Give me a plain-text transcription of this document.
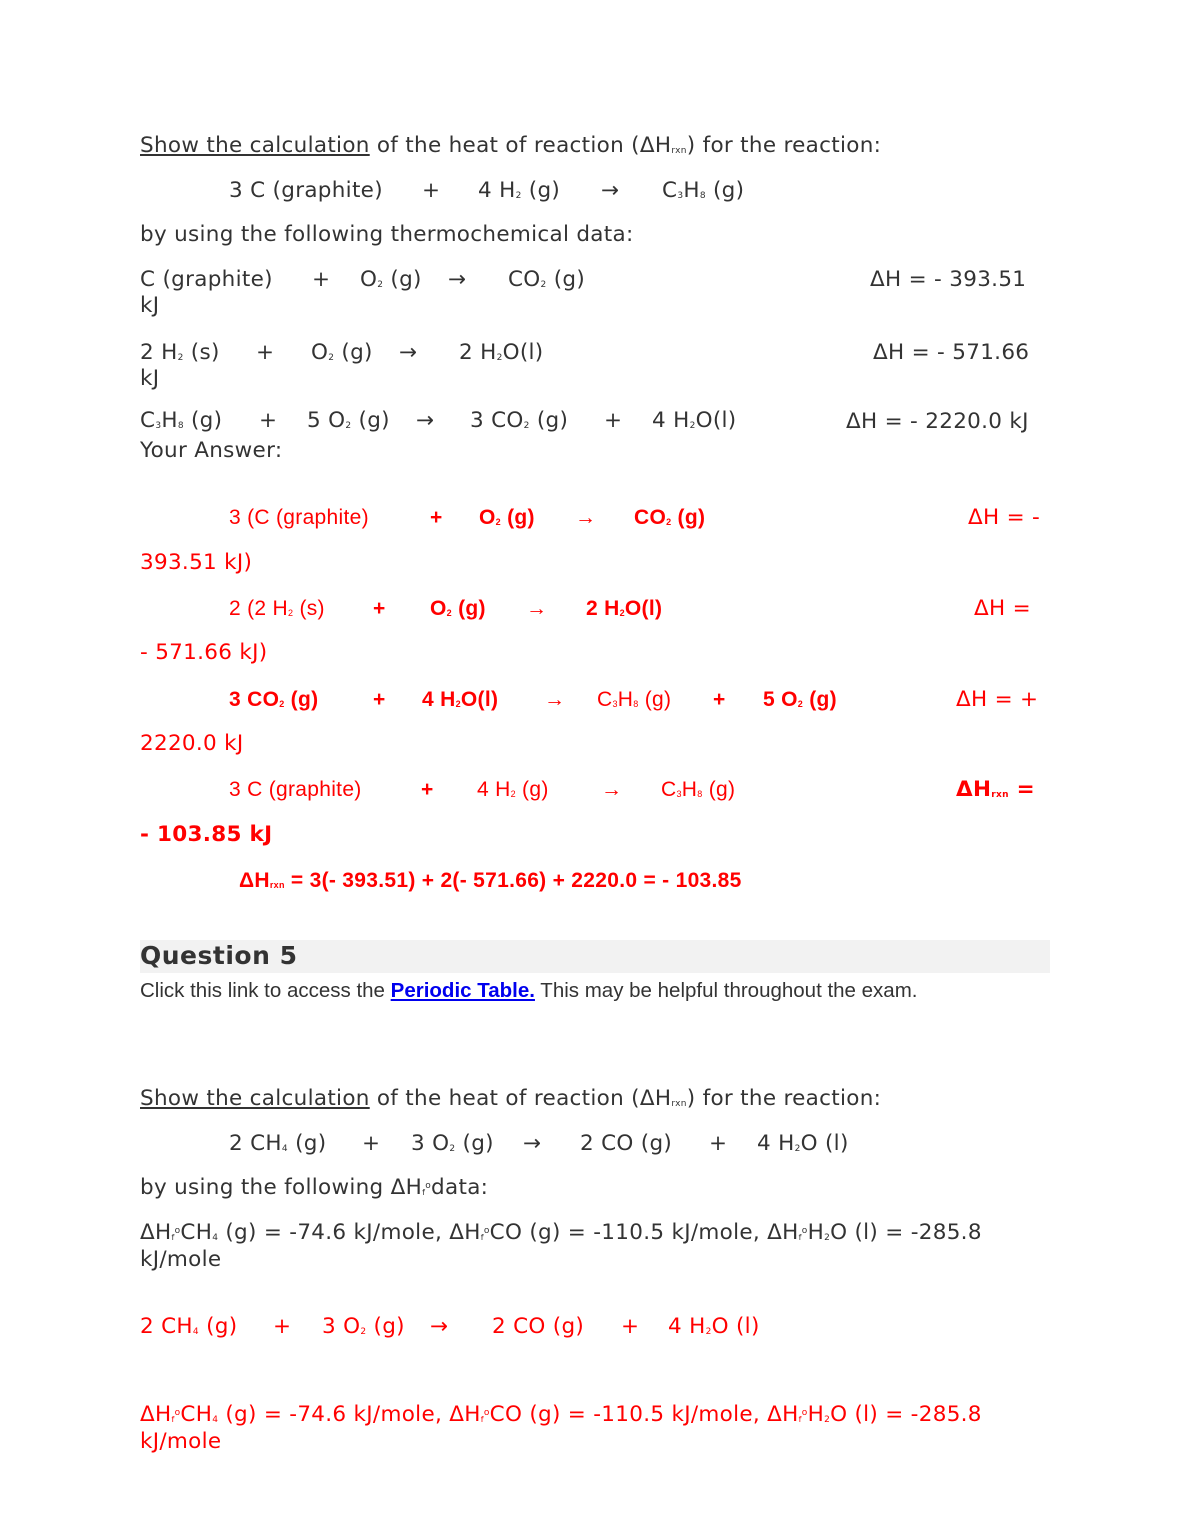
Show the calculation of the heat of reaction (ΔHrxn) for the reaction:
3 C (graphite) + 4 H2 (g) → C3H8 (g)
by using the following thermochemical data:
C (graphite) + O2 (g) → CO2 (g)	ΔH = - 393.51
kJ
2 H2 (s) + O2 (g) → 2 H2O(l)	ΔH = - 571.66
kJ
C3H8 (g) + 5 O2 (g) → 3 CO2 (g) + 4 H2O(l)	ΔH = - 2220.0 kJ
Your Answer:
3 (C (graphite)	+ O2 (g) → CO2 (g)	ΔH = -
393.51 kJ)
2 (2 H2 (s) + O2 (g) → 2 H2O(l)	ΔH =
- 571.66 kJ)
3 CO2 (g)	+ 4 H2O(l) → C3H8 (g) + 5 O2 (g)	ΔH = +
2220.0 kJ
3 C (graphite)	+ 4 H2 (g) → C3H8 (g)	ΔHrxn =
- 103.85 kJ
ΔHrxn = 3(- 393.51) + 2(- 571.66) + 2220.0 = - 103.85
Question 5
Click this link to access the Periodic Table. This may be helpful throughout the exam.
Show the calculation of the heat of reaction (ΔHrxn) for the reaction:
2 CH4 (g) + 3 O2 (g) → 2 CO (g) + 4 H2O (l)
by using the following ΔHf$^o$data:
ΔHf$^o$CH4 (g) = -74.6 kJ/mole, ΔHf$^o$CO (g) = -110.5 kJ/mole, ΔHf$^o$H2O (l) = -285.8
kJ/mole
2 CH4 (g) + 3 O2 (g) → 2 CO (g) + 4 H2O (l)
ΔHf$^o$CH4 (g) = -74.6 kJ/mole, ΔHf$^o$CO (g) = -110.5 kJ/mole, ΔHf$^o$H2O (l) = -285.8
kJ/mole
